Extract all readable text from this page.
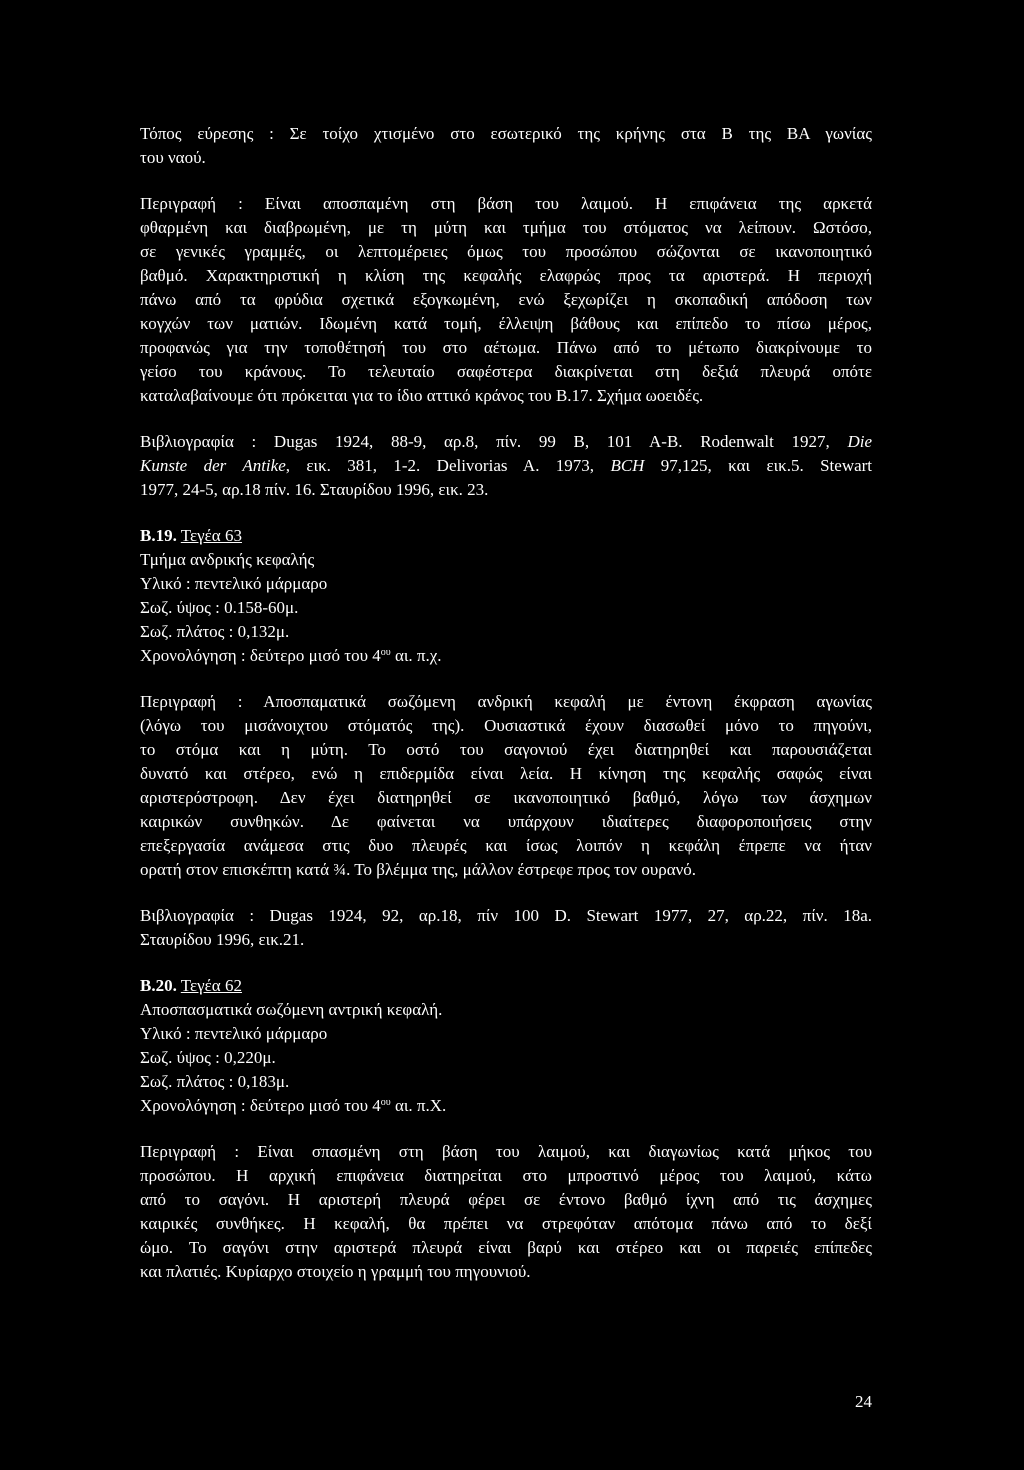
Τόπος εύρεσης : Σε τοίχο χτισμένο στο εσωτερικό της κρήνης στα Β της ΒΑ γωνίας
του ναού.
Περιγραφή : Είναι αποσπαμένη στη βάση του λαιμού. Η επιφάνεια της αρκετά
φθαρμένη και διαβρωμένη, με τη μύτη και τμήμα του στόματος να λείπουν. Ωστόσο,
σε γενικές γραμμές, οι λεπτομέρειες όμως του προσώπου σώζονται σε ικανοποιητικό
βαθμό. Χαρακτηριστική η κλίση της κεφαλής ελαφρώς προς τα αριστερά. Η περιοχή
πάνω από τα φρύδια σχετικά εξογκωμένη, ενώ ξεχωρίζει η σκοπαδική απόδοση των
κογχών των ματιών. Ιδωμένη κατά τομή, έλλειψη βάθους και επίπεδο το πίσω μέρος,
προφανώς για την τοποθέτησή του στο αέτωμα. Πάνω από το μέτωπο διακρίνουμε το
γείσο του κράνους. Το τελευταίο σαφέστερα διακρίνεται στη δεξιά πλευρά οπότε
καταλαβαίνουμε ότι πρόκειται για το ίδιο αττικό κράνος του Β.17. Σχήμα ωοειδές.
Βιβλιογραφία : Dugas 1924, 88-9, αρ.8, πίν. 99 Β, 101 Α-Β. Rodenwalt 1927, Die
Kunste der Antike, εικ. 381, 1-2. Delivorias A. 1973, BCH 97,125, και εικ.5. Stewart
1977, 24-5, αρ.18 πίν. 16. Σταυρίδου 1996, εικ. 23.
Β.19. Τεγέα 63
Τμήμα ανδρικής κεφαλής
Υλικό : πεντελικό μάρμαρο
Σωζ. ύψος : 0.158-60μ.
Σωζ. πλάτος : 0,132μ.
Χρονολόγηση : δεύτερο μισό του $4^{o\upsilon}$ αι. π.χ.
Περιγραφή : Αποσπαματικά σωζόμενη ανδρική κεφαλή με έντονη έκφραση αγωνίας
(λόγω του μισάνοιχτου στόματός της). Ουσιαστικά έχουν διασωθεί μόνο το πηγούνι,
το στόμα και η μύτη. Το οστό του σαγονιού έχει διατηρηθεί και παρουσιάζεται
δυνατό και στέρεο, ενώ η επιδερμίδα είναι λεία. Η κίνηση της κεφαλής σαφώς είναι
αριστερόστροφη. Δεν έχει διατηρηθεί σε ικανοποιητικό βαθμό, λόγω των άσχημων
καιρικών συνθηκών. Δε φαίνεται να υπάρχουν ιδιαίτερες διαφοροποιήσεις στην
επεξεργασία ανάμεσα στις δυο πλευρές και ίσως λοιπόν η κεφάλη έπρεπε να ήταν
ορατή στον επισκέπτη κατά ¾. Το βλέμμα της, μάλλον έστρεφε προς τον ουρανό.
Βιβλιογραφία : Dugas 1924, 92, αρ.18, πίν 100 D. Stewart 1977, 27, αρ.22, πίν. 18a.
Σταυρίδου 1996, εικ.21.
Β.20. Τεγέα 62
Αποσπασματικά σωζόμενη αντρική κεφαλή.
Υλικό : πεντελικό μάρμαρο
Σωζ. ύψος : 0,220μ.
Σωζ. πλάτος : 0,183μ.
Χρονολόγηση : δεύτερο μισό του $4^{o\upsilon}$ αι. π.Χ.
Περιγραφή : Είναι σπασμένη στη βάση του λαιμού, και διαγωνίως κατά μήκος του
προσώπου. Η αρχική επιφάνεια διατηρείται στο μπροστινό μέρος του λαιμού, κάτω
από το σαγόνι. Η αριστερή πλευρά φέρει σε έντονο βαθμό ίχνη από τις άσχημες
καιρικές συνθήκες. Η κεφαλή, θα πρέπει να στρεφόταν απότομα πάνω από το δεξί
ώμο. Το σαγόνι στην αριστερά πλευρά είναι βαρύ και στέρεο και οι παρειές επίπεδες
και πλατιές. Κυρίαρχο στοιχείο η γραμμή του πηγουνιού.
24
